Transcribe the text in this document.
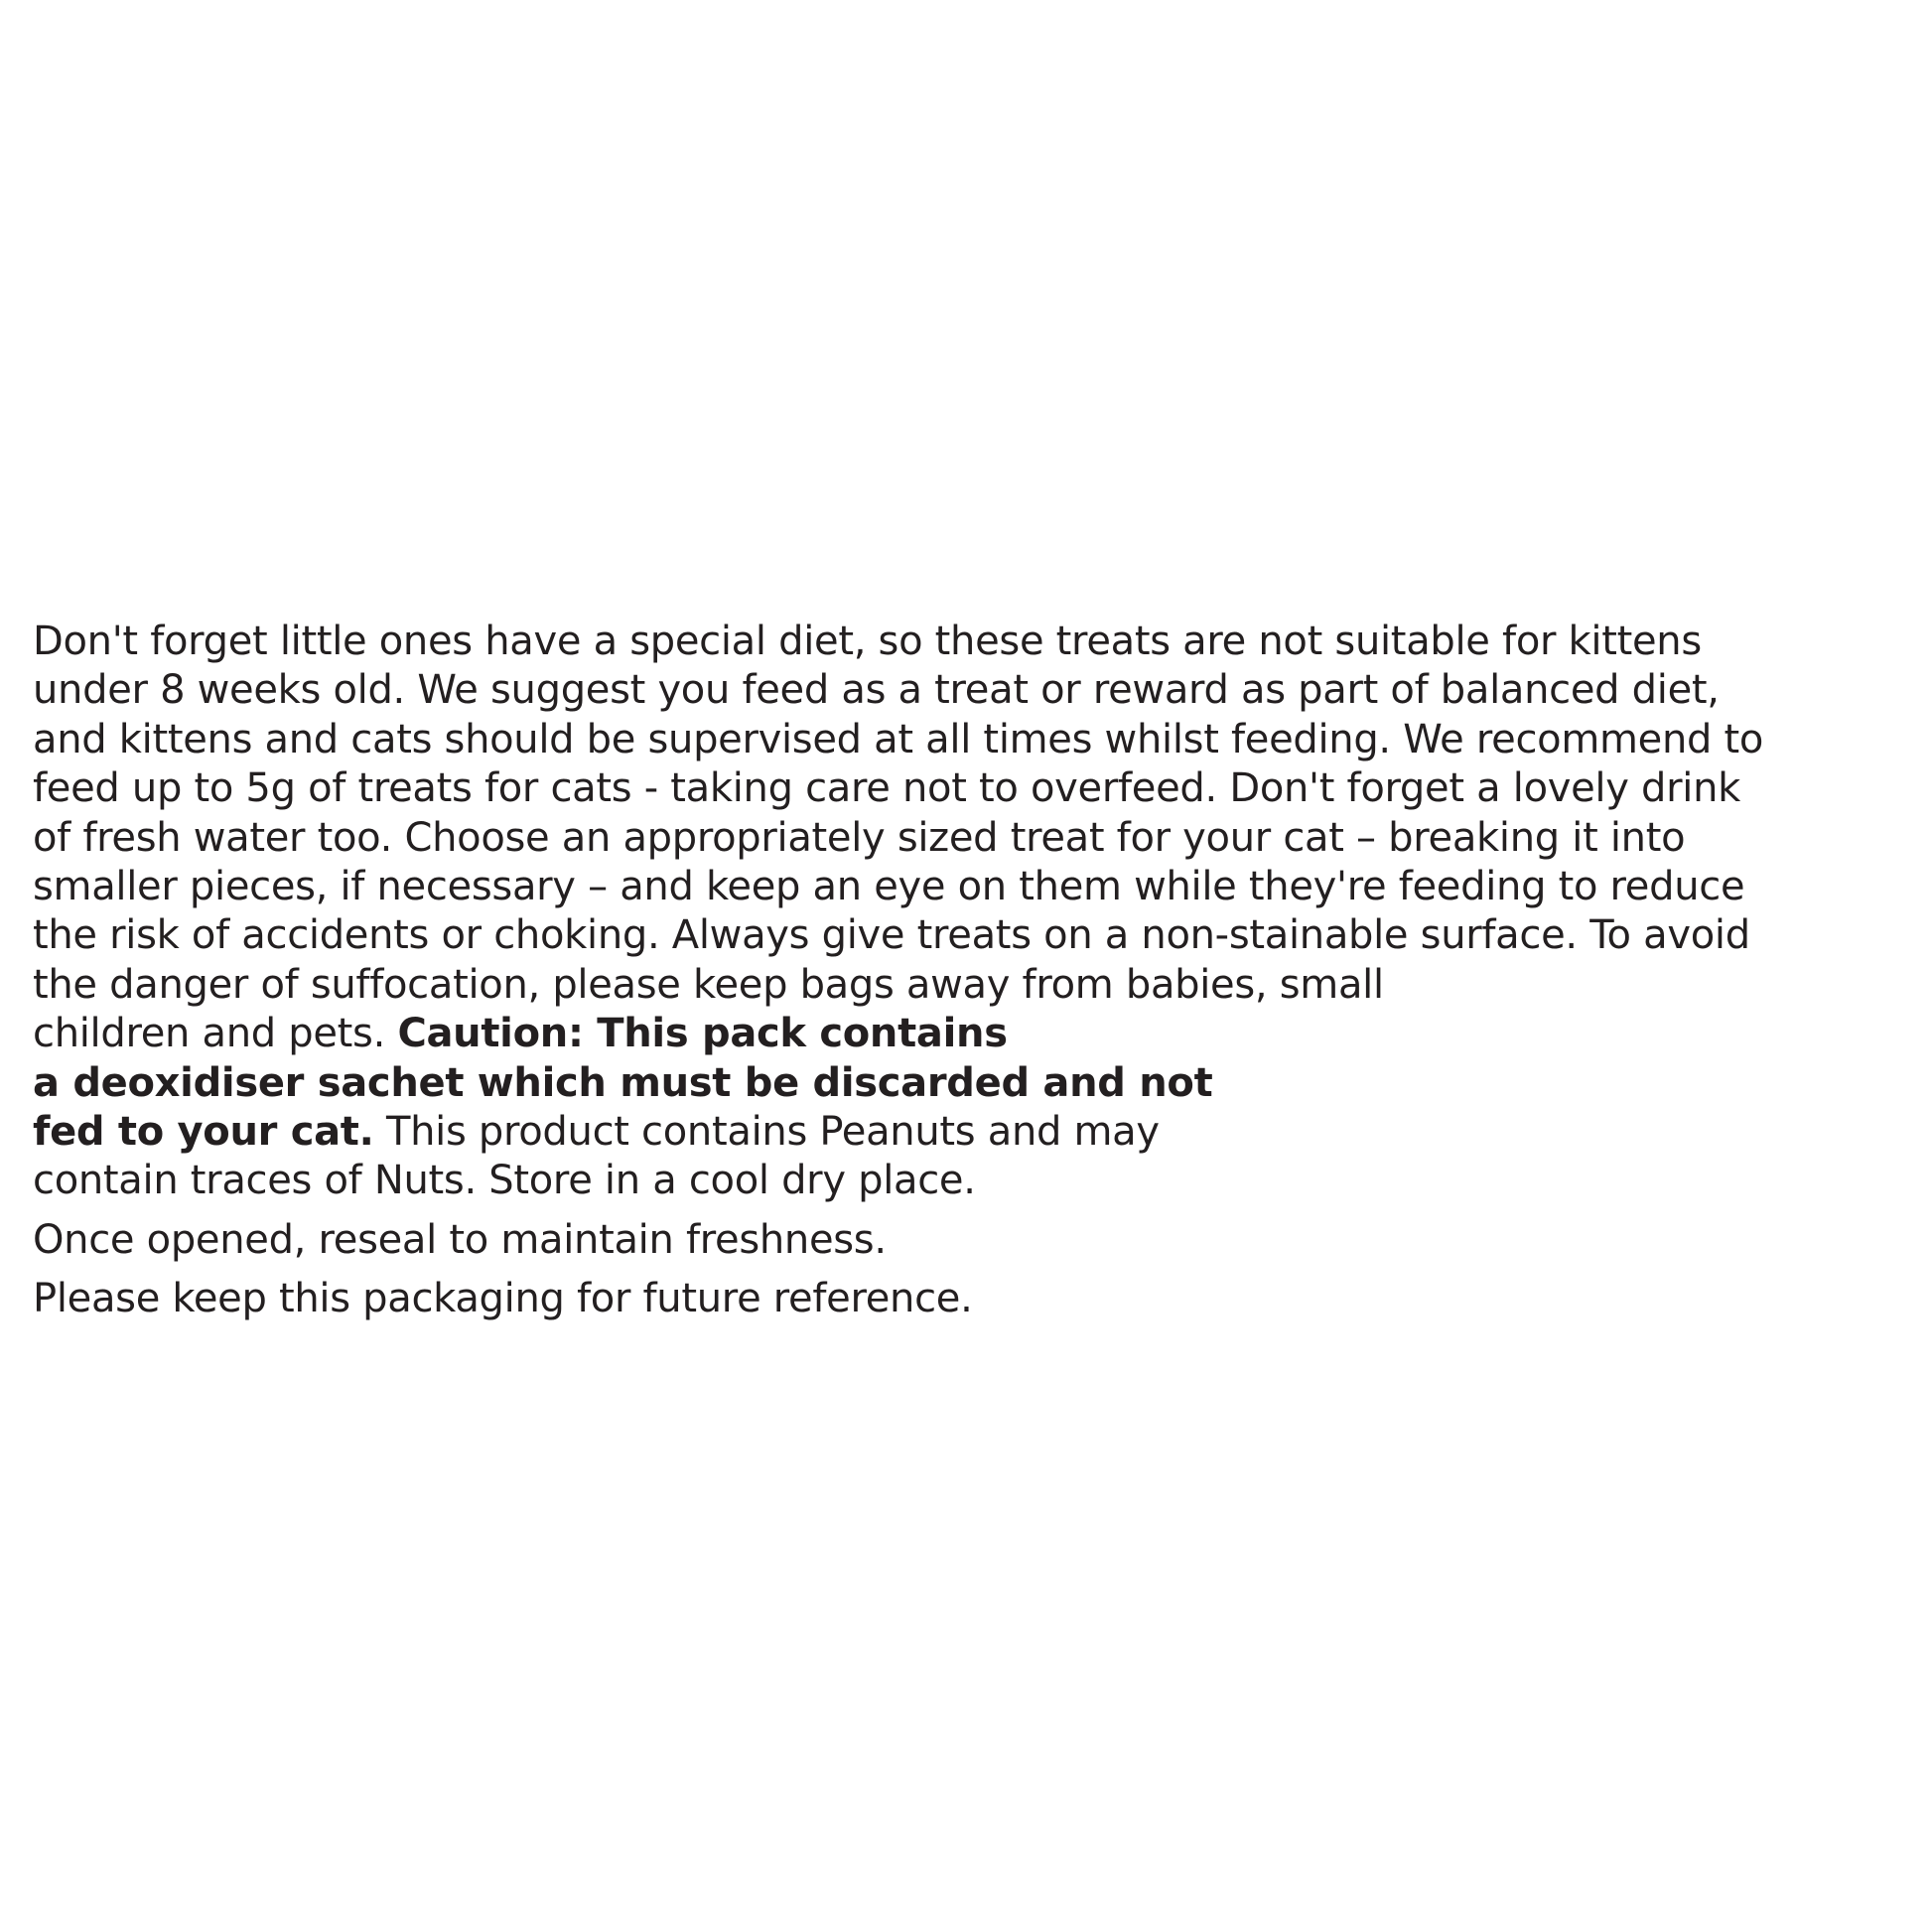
Don't forget little ones have a special diet, so these treats are not suitable for kittens
under 8 weeks old. We suggest you feed as a treat or reward as part of balanced diet,
and kittens and cats should be supervised at all times whilst feeding. We recommend to
feed up to 5g of treats for cats - taking care not to overfeed. Don't forget a lovely drink
of fresh water too. Choose an appropriately sized treat for your cat – breaking it into
smaller pieces, if necessary – and keep an eye on them while they're feeding to reduce
the risk of accidents or choking. Always give treats on a non-stainable surface. To avoid
the danger of suffocation, please keep bags away from babies, small
children and pets. Caution: This pack contains
a deoxidiser sachet which must be discarded and not
fed to your cat. This product contains Peanuts and may
contain traces of Nuts. Store in a cool dry place.
Once opened, reseal to maintain freshness.
Please keep this packaging for future reference.
